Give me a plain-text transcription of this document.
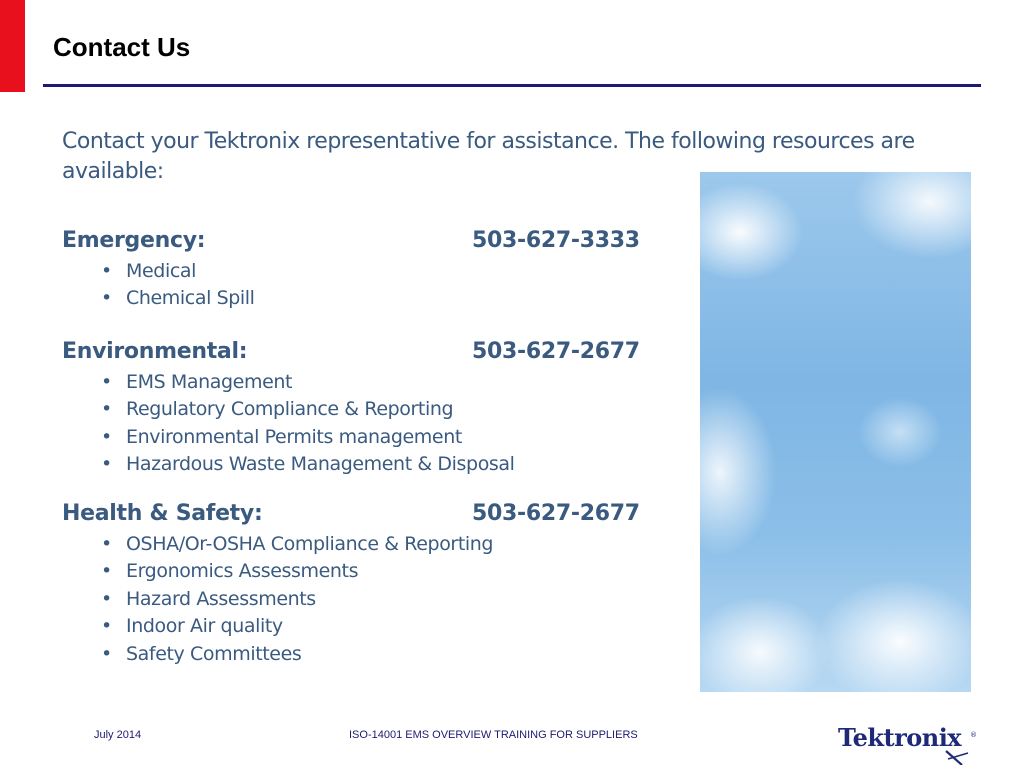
Contact Us
Contact your Tektronix representative for assistance. The following resources are available:
Emergency:	503-627-3333
• Medical
• Chemical Spill
Environmental:	503-627-2677
• EMS Management
• Regulatory Compliance & Reporting
• Environmental Permits management
• Hazardous Waste Management & Disposal
Health & Safety:	503-627-2677
• OSHA/Or-OSHA Compliance & Reporting
• Ergonomics Assessments
• Hazard Assessments
• Indoor Air quality
• Safety Committees
July 2014	ISO-14001 EMS OVERVIEW TRAINING FOR SUPPLIERS	Tektronix ®
